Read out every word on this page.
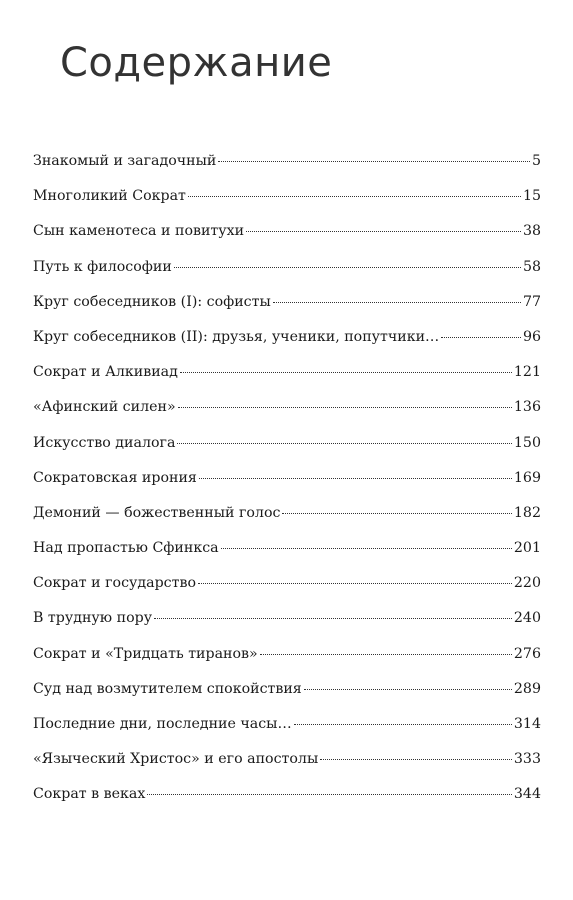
Содержание
Знакомый и загадочный	5
Многоликий Сократ	15
Сын каменотеса и повитухи	38
Путь к философии	58
Круг собеседников (I): софисты	77
Круг собеседников (II): друзья, ученики, попутчики…	96
Сократ и Алкивиад	121
«Афинский силен»	136
Искусство диалога	150
Сократовская ирония	169
Демоний — божественный голос	182
Над пропастью Сфинкса	201
Сократ и государство	220
В трудную пору	240
Сократ и «Тридцать тиранов»	276
Суд над возмутителем спокойствия	289
Последние дни, последние часы…	314
«Языческий Христос» и его апостолы	333
Сократ в веках	344
